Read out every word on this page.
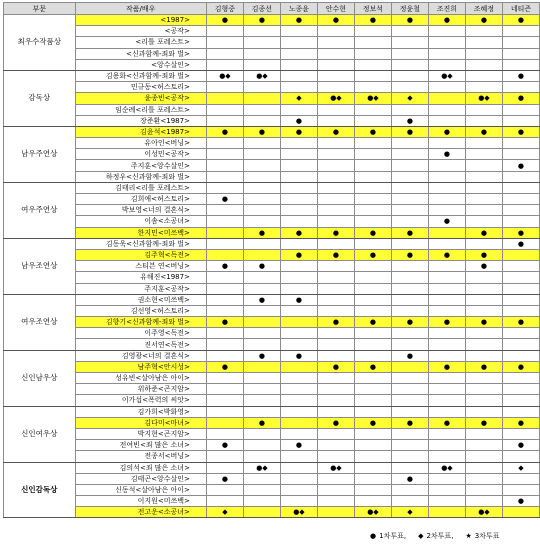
부문	작품/배우	김형중	김종선	노종윤	안수현	정보석	정윤철	조진희	조혜정	네티즌
최우수작품상	<1987>	●	●	●	●	●	●	●	●	●
	<공작>									
	<리틀 포레스트>									
	<신과함께-죄와 벌>									
	<앙수살인>									
감독상	김용화<신과함께-죄와 벌>	●◆	●◆					●◆		●
	민규동<허스토리>									
	윤종빈<공작>			◆	●◆	●◆	◆		●◆	●
	임순례<리틀 포레스트>									
	장준환<1987>			●			●			
남우주연상	김윤석<1987>	●	●	●	●	●	●	●	●	●
	유아인<버닝>									
	이성민<공작>							●		
	주지훈<앙수살인>									●
	하정우<신과함께-죄와 벌>									
여우주연상	김태리<리틀 포레스트>									
	김희애<허스토리>	●								
	박보영<너의 결혼식>									
	이솜<소공녀>							●		
	한지민<미쓰백>		●	●	●	●	●		●	●
남우조연상	김동욱<신과함께-죄와 벌>									●
	김주혁<독전>			●	●	●	●	●	●	
	스티븐 연<버닝>	●	●						●	
	유해진<1987>									
	주지훈<공작>									
여우조연상	권소현<미쓰백>		●	●						
	김선영<허스토리>									
	김향기<신과함께-죄와 벌>	●			●	●	●	●	●	●
	이주영<독전>									
	진서연<독전>									
신인남우상	김영광<너의 결혼식>		●	●			●			
	남주혁<안시성>	●			●	●		●	●	●
	성유빈<살아남은 아이>									
	위하준<곤지암>									
	이가섭<폭력의 씨앗>									
신인여우상	김가희<박화영>									
	김다미<마녀>		●		●	●	●	●	●	●
	박지현<곤지암>									
	전여빈<죄 많은 소녀>	●		●						●
	전종서<버닝>									
신인감독상	김의석<죄 많은 소녀>		●◆		●◆			●◆		◆
	김태곤<앙수살인>	●					●			
	신동석<살아남은 아이>									
	이지원<미쓰백>									●
	전고운<소공녀>	◆		●◆		●◆	◆		●◆	
● 1차투표, ◆ 2차투표, ★ 3차투표
